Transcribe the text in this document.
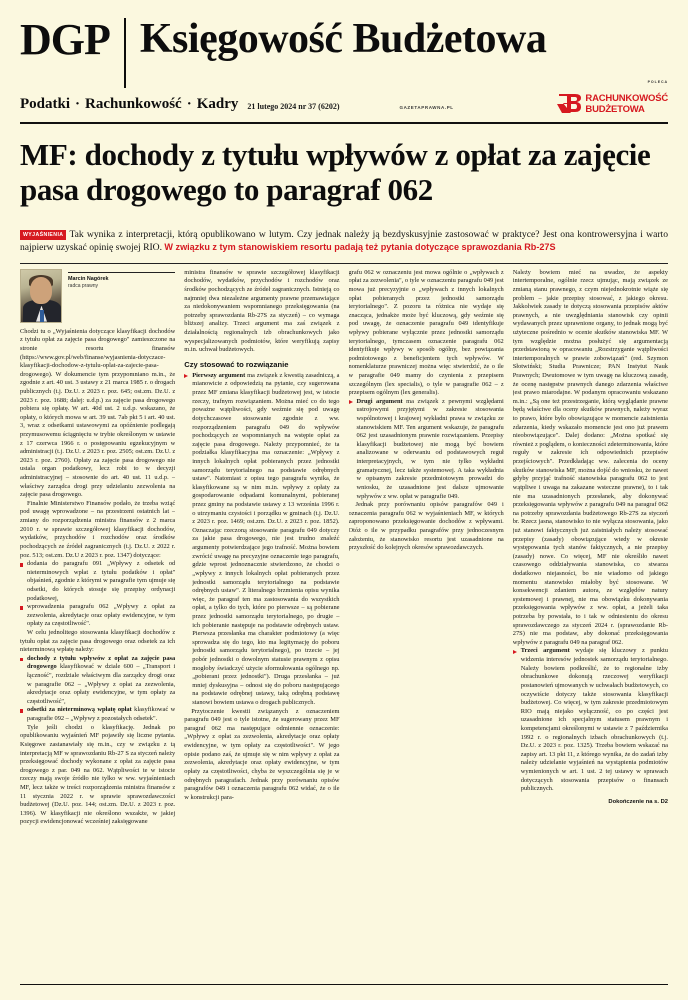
DGP Księgowość Budżetowa
Podatki · Rachunkowość · Kadry 21 lutego 2024 nr 37 (6202)	GAZETAPRAWNA.PL
POLECA
RACHUNKOWOŚĆ
BUDŻETOWA
MF: dochody z tytułu wpływów z opłat za zajęcie pasa drogowego to paragraf 062
WYJAŚNIENIA Tak wynika z interpretacji, którą opublikowano w lutym. Czy jednak należy ją bezdyskusyjnie zastosować w praktyce? Jest ona kontrowersyjna i warto najpierw uzyskać opinię swojej RIO. W związku z tym stanowiskiem resortu padają też pytania dotyczące sprawozdania Rb-27S
Marcin Nagórek
radca prawny

Chodzi tu o „Wyjaśnienia dotyczące klasyfikacji dochodów z tytułu opłat za zajęcie pasa drogowego" zamieszczone na stronie resortu finansów (https://www.gov.pl/web/finanse/wyjasnienia-dotyczace-klasyfikacji-dochodow-z-tytulu-oplat-za-zajecie-pasa-drogowego). W dokumencie tym przypomniano m.in., że zgodnie z art. 40 ust. 3 ustawy z 21 marca 1985 r. o drogach publicznych (t.j. Dz.U. z 2023 r. poz. 645; ost.zm. Dz.U. z 2023 r. poz. 1688; dalej: u.d.p.) za zajęcie pasa drogowego pobiera się opłatę. W art. 40d ust. 2 u.d.p. wskazano, że opłaty, o których mowa w art. 39 ust. 7ab pkt 5 i art. 40 ust. 3, wraz z odsetkami ustawowymi za opóźnienie podlegają przymusowemu ściągnięciu w trybie określonym w ustawie z 17 czerwca 1966 r. o postępowaniu egzekucyjnym w administracji (t.j. Dz.U. z 2023 r. poz. 2505; ost.zm. Dz.U. z 2023 r. poz. 2760). Opłaty za zajęcie pasa drogowego nie ustala organ podatkowy, lecz robi to w decyzji administracyjnej – stosownie do art. 40 ust. 11 u.d.p. – właściwy zarządca drogi przy udzielaniu zezwolenia na zajęcie pasa drogowego.

Finalnie Ministerstwo Finansów podało, że trzeba wziąć pod uwagę wprowadzone – na przestrzeni ostatnich lat – zmiany do rozporządzenia ministra finansów z 2 marca 2010 r. w sprawie szczegółowej klasyfikacji dochodów, wydatków, przychodów i rozchodów oraz środków pochodzących ze źródeł zagranicznych (t.j. Dz.U. z 2022 r. poz. 513; ost.zm. Dz.U z 2023 r. poz. 1347) dotyczące:

dodania do paragrafu 091 „Wpływy z odsetek od nieterminowych wpłat z tytułu podatków i opłat" objaśnień, zgodnie z którymi w paragrafie tym ujmuje się odsetki, do których stosuje się przepisy ordynacji podatkowej,
wprowadzenia paragrafu 062 „Wpływy z opłat za zezwolenia, akredytacje oraz opłaty ewidencyjne, w tym opłaty za częstotliwość".

W celu jednolitego stosowania klasyfikacji dochodów z tytułu opłat za zajęcie pasa drogowego oraz odsetek za ich nieterminową wpłatę należy:

dochody z tytułu wpływów z opłat za zajęcie pasa drogowego klasyfikować w dziale 600 – „Transport i łączność", rozdziale właściwym dla zarządcy drogi oraz w paragrafie 062 – „Wpływy z opłat za zezwolenia, akredytacje oraz opłaty ewidencyjne, w tym opłaty za częstotliwość",
odsetki za nieterminową wpłatę opłat klasyfikować w paragrafie 092 – „Wpływy z pozostałych odsetek".

Tyle jeśli chodzi o klasyfikację. Jednak po opublikowaniu wyjaśnień MF pojawiły się liczne pytania. Księgowe zastanawiały się m.in., czy w związku z tą interpretacją MF w sprawozdaniu Rb-27 S za styczeń należy przeksięgować dochody wykonane z opłat za zajęcie pasa drogowego z par. 049 na 062. Wątpliwości te w istocie rzeczy mają swoje źródło nie tylko w ww. wyjaśnieniach MF, lecz także w treści rozporządzenia ministra finansów z 11 stycznia 2022 r. w sprawie sprawozdawczości budżetowej (Dz.U. poz. 144; ost.zm. Dz.U. z 2023 r. poz. 1396). W klasyfikacji nie określono wszakże, w jakiej pozycji ewidencjonować wcześniej zaksięgowane

ministra finansów w sprawie szczegółowej klasyfikacji dochodów, wydatków, przychodów i rozchodów oraz środków pochodzących ze źródeł zagranicznych. Istnieją co najmniej dwa niezależne argumenty prawne przemawiające za niedokonywaniem wspomnianego przeksięgowania (na potrzeby sprawozdania Rb-27S za styczeń) – co wymaga bliższej analizy. Trzeci argument ma zaś związek z działalnością regionalnych izb obrachunkowych jako wyspecjalizowanych podmiotów, które weryfikują zapisy m.in. uchwał budżetowych.

Czy stosować to rozwiązanie

Pierwszy argument ma związek z kwestią zasadniczą, a mianowicie z odpowiedzią na pytanie, czy sugerowana przez MF zmiana klasyfikacji budżetowej jest, w istocie rzeczy, trafnym rozwiązaniem. Można mieć co do tego poważne wątpliwości, gdy weźmie się pod uwagę dotychczasowe stosowanie zgodnie z ww. rozporządzeniem paragrafu 049 do wpływów pochodzących ze wspomnianych na wstępie opłat za zajęcie pasa drogowego. Należy przypomnieć, że ta podziałka klasyfikacyjna ma oznaczenie: „Wpływy z innych lokalnych opłat pobieranych przez jednostki samorządu terytorialnego na podstawie odrębnych ustaw". Natomiast z opisu tego paragrafu wynika, że klasyfikowane są w nim m.in. wpływy z opłaty za gospodarowanie odpadami komunalnymi, pobieranej przez gminy na podstawie ustawy z 13 września 1996 r. o utrzymaniu czystości i porządku w gminach (t.j. Dz.U. z 2023 r. poz. 1469; ost.zm. Dz.U. z 2023 r. poz. 1852). Oznaczając rzeczoną stosowanie paragrafu 049 dotyczy za jakie pasa drogowego, nie jest trudno znaleźć argumenty potwierdzające jego trafność. Można bowiem zwrócić uwagę na precyzyjne oznaczenie tego paragrafu, gdzie wprost jednoznacznie stwierdzono, że chodzi o „wpływy z innych lokalnych opłat pobieranych przez jednostki samorządu terytorialnego na podstawie odrębnych ustaw". Z literalnego brzmienia opisu wynika więc, że paragraf ten ma zastosowania do wszystkich opłat, a tylko do tych, które po pierwsze – są pobierane przez jednostki samorządu terytorialnego, po drugie – ich pobieranie następuje na podstawie odrębnych ustaw. Pierwsza przesłanka ma charakter podmiotowy (a więc sprowadza się do tego, kto ma legitymację do poboru jednostki samorządu terytorialnego), po trzecie – jej pobór jednostki o dowolnym statusie prawnym z opisu mogłoby świadczyć użycie sformułowania ogólnego np. „pobierani przez jednostki"). Druga przesłanka – już mniej dyskusyjna – odnosi się do poboru następującego na podstawie odrębnej ustawy, taką odrębną podstawę stanowi bowiem ustawa o drogach publicznych.

Przytoczenie kwestii związanych z oznaczeniem paragrafu 049 jest o tyle istotne, że sugerowany przez MF paragraf 062 ma następujące odmiennie oznaczenie: „Wpływy z opłat za zezwolenia, akredytacje oraz opłaty ewidencyjne, w tym opłaty za częstotliwości". W jego opisie podano zaś, że ujmuje się w nim wpływy z opłat za zezwolenia, akredytacje oraz opłaty ewidencyjne, w tym opłaty za częstotliwości, chyba że wyszczególnia się je w odrębnych paragrafach. Jednak przy porównaniu opisów paragrafów 049 i oznaczenia paragrafu 062 widać, że o ile w konstrukcji para-

grafu 062 w oznaczeniu jest mowa ogólnie o „wpływach z opłat za zezwolenia", o tyle w oznaczeniu paragrafu 049 jest mowa już precyzyjnie o „wpływach z innych lokalnych opłat pobieranych przez jednostki samorządu terytorialnego". Z pozoru ta różnica nie wydaje się znacząca, jednakże może być kluczową, gdy weźmie się pod uwagę, że oznaczenie paragrafu 049 identyfikuje wpływy pobierane wyłącznie przez jednostki samorządu terytorialnego, tymczasem oznaczenie paragrafu 062 identyfikuje wpływy w sposób ogólny, bez powiązania podmiotowego z beneficjentem tych wpływów. W nomenklaturze prawniczej można więc stwierdzić, że o ile w paragrafie 049 mamy do czynienia z przepisem szczególnym (lex specialis), o tyle w paragrafie 062 – z przepisem ogólnym (lex generalis).

Drugi argument ma związek z pewnymi względami ustrojowymi przyjętymi w zakresie stosowania wspólnotowej i krajowej wykładni prawa w związku ze stanowiskiem MF. Ten argument wskazuje, że paragrafu 062 jest uzasadnionym prawnie rozwiązaniem. Przepisy klasyfikacji budżetowej nie mogą być bowiem analizowane w oderwaniu od podstawowych reguł interpretacyjnych, w tym nie tylko wykładni gramatycznej, lecz także systemowej. A taka wykładnia w opisanym zakresie przedmiotowym prowadzi do wniosku, że uzasadnione jest dalsze ujmowanie wpływów z ww. opłat w paragrafie 049.

Jednak przy porównaniu opisów paragrafów 049 i oznaczenia paragrafu 062 w wyjaśnieniach MF, w których zaproponowano przeksięgowanie dochodów z wpływami. Otóż o ile w przypadku paragrafów przy jednoczesnym założeniu, że stanowisko resortu jest uzasadnione na przyszłość do kolejnych okresów sprawozdawczych.

Należy bowiem mieć na uwadze, że aspekty intertemporalne, ogólnie rzecz ujmując, mają związek ze zmianą stanu prawnego, z czym niejednokrotnie wiąże się problem – jakie przepisy stosować, z jakiego okresu. Jakkolwiek zasady te dotyczą stosowania przepisów aktów prawnych, a nie uwzględniania stanowisk czy opinii wydawanych przez uprawnione organy, to jednak mogą być użyteczne pośrednio w ocenie skutków stanowiska MF. W tym względzie można posłużyć się argumentacją przedstawioną w opracowaniu „Rozstrzyganie wątpliwości intertemporalnych w prawie zobowiązań" (red. Szymon Słotwiński; Studia Prawnicze; PAN Instytut Nauk Prawnych; Dwutomowe w tym uwagę na kluczową zasadę, że ocenę następstw prawnych danego zdarzenia właściwe jest prawo miarodajne. W podanym opracowaniu wskazano m.in.: „Są one też przestrzeganie, którą wyglądanie prawne będą właściwe dla oceny skutków prawnych, należy wyraz to prawo, które było obowiązujące w momencie zaistnienia zdarzenia, kiedy wskazało momencie jest ono już prawem nieobowiązujące". Dalej dodano: „Można spotkać się również z poglądem, o konieczności zdeterminowania, które reguły w zakresie ich odpowiednich przepisów przejściowych". Przedkładając ww. zalecenia do oceny skutków stanowiska MF, można dojść do wniosku, że nawet gdyby przyjąć trafność stanowiska paragrafu 062 to jest wątpliwe i uwaga na zakazane wsteczne prawne), to i tak nie ma uzasadnionych przesłanek, aby dokonywać przeksięgowania wpływów z paragrafu 049 na paragraf 062 na potrzeby sprawozdania budżetowego Rb-27S za styczeń br. Rzecz jasna, stanowisko to nie wyłącza stosowania, jako już stanowi faktycznych już zaistniałych należy stosować przepisy (zasady) obowiązujące wtedy w okresie występowania tych stanów faktycznych, a nie przepisy (zasady) nowe. Co więcej, MF nie określiło nawet czasowego oddziaływania stanowiska, co stwarza dodatkowo niejasności, bo nie wiadomo od jakiego momentu stanowisko miałoby być stosowane. W konsekwencji zdaniem autora, ze względów natury systemowej i prawnej, nie ma obowiązku dokonywania przeksięgowania wpływów z ww. opłat, a jeżeli taka potrzeba by powstała, to i tak w odniesieniu do okresu sprawozdawczego za styczeń 2024 r. (sprawozdanie Rb-27S) nie ma podstaw, aby dokonać przeksięgowania wpływów z paragrafu 049 na paragraf 062.

Trzeci argument wydaje się kluczowy z punktu widzenia interesów jednostek samorządu terytorialnego. Należy bowiem podkreślić, że to regionalne izby obrachunkowe dokonują rzeczowej weryfikacji postanowień ujmowanych w uchwałach budżetowych, co oczywiście dotyczy także stosowania klasyfikacji budżetowej. Co więcej, w tym zakresie przedmiotowym RIO mają niejako wyłączność, co po części jest uzasadnione ich specjalnym statusem prawnym i kompetencjami określonymi w ustawie z 7 października 1992 r. o regionalnych izbach obrachunkowych (t.j. Dz.U. z 2023 r. poz. 1325). Trzeba bowiem wskazać na zapisy art. 13 pkt 11, z którego wynika, że do zadań izby należy udzielanie wyjaśnień na wystąpienia podmiotów wymienionych w art. 1 ust. 2 tej ustawy w sprawach dotyczących stosowania przepisów o finansach publicznych.

Dokończenie na s. D2
